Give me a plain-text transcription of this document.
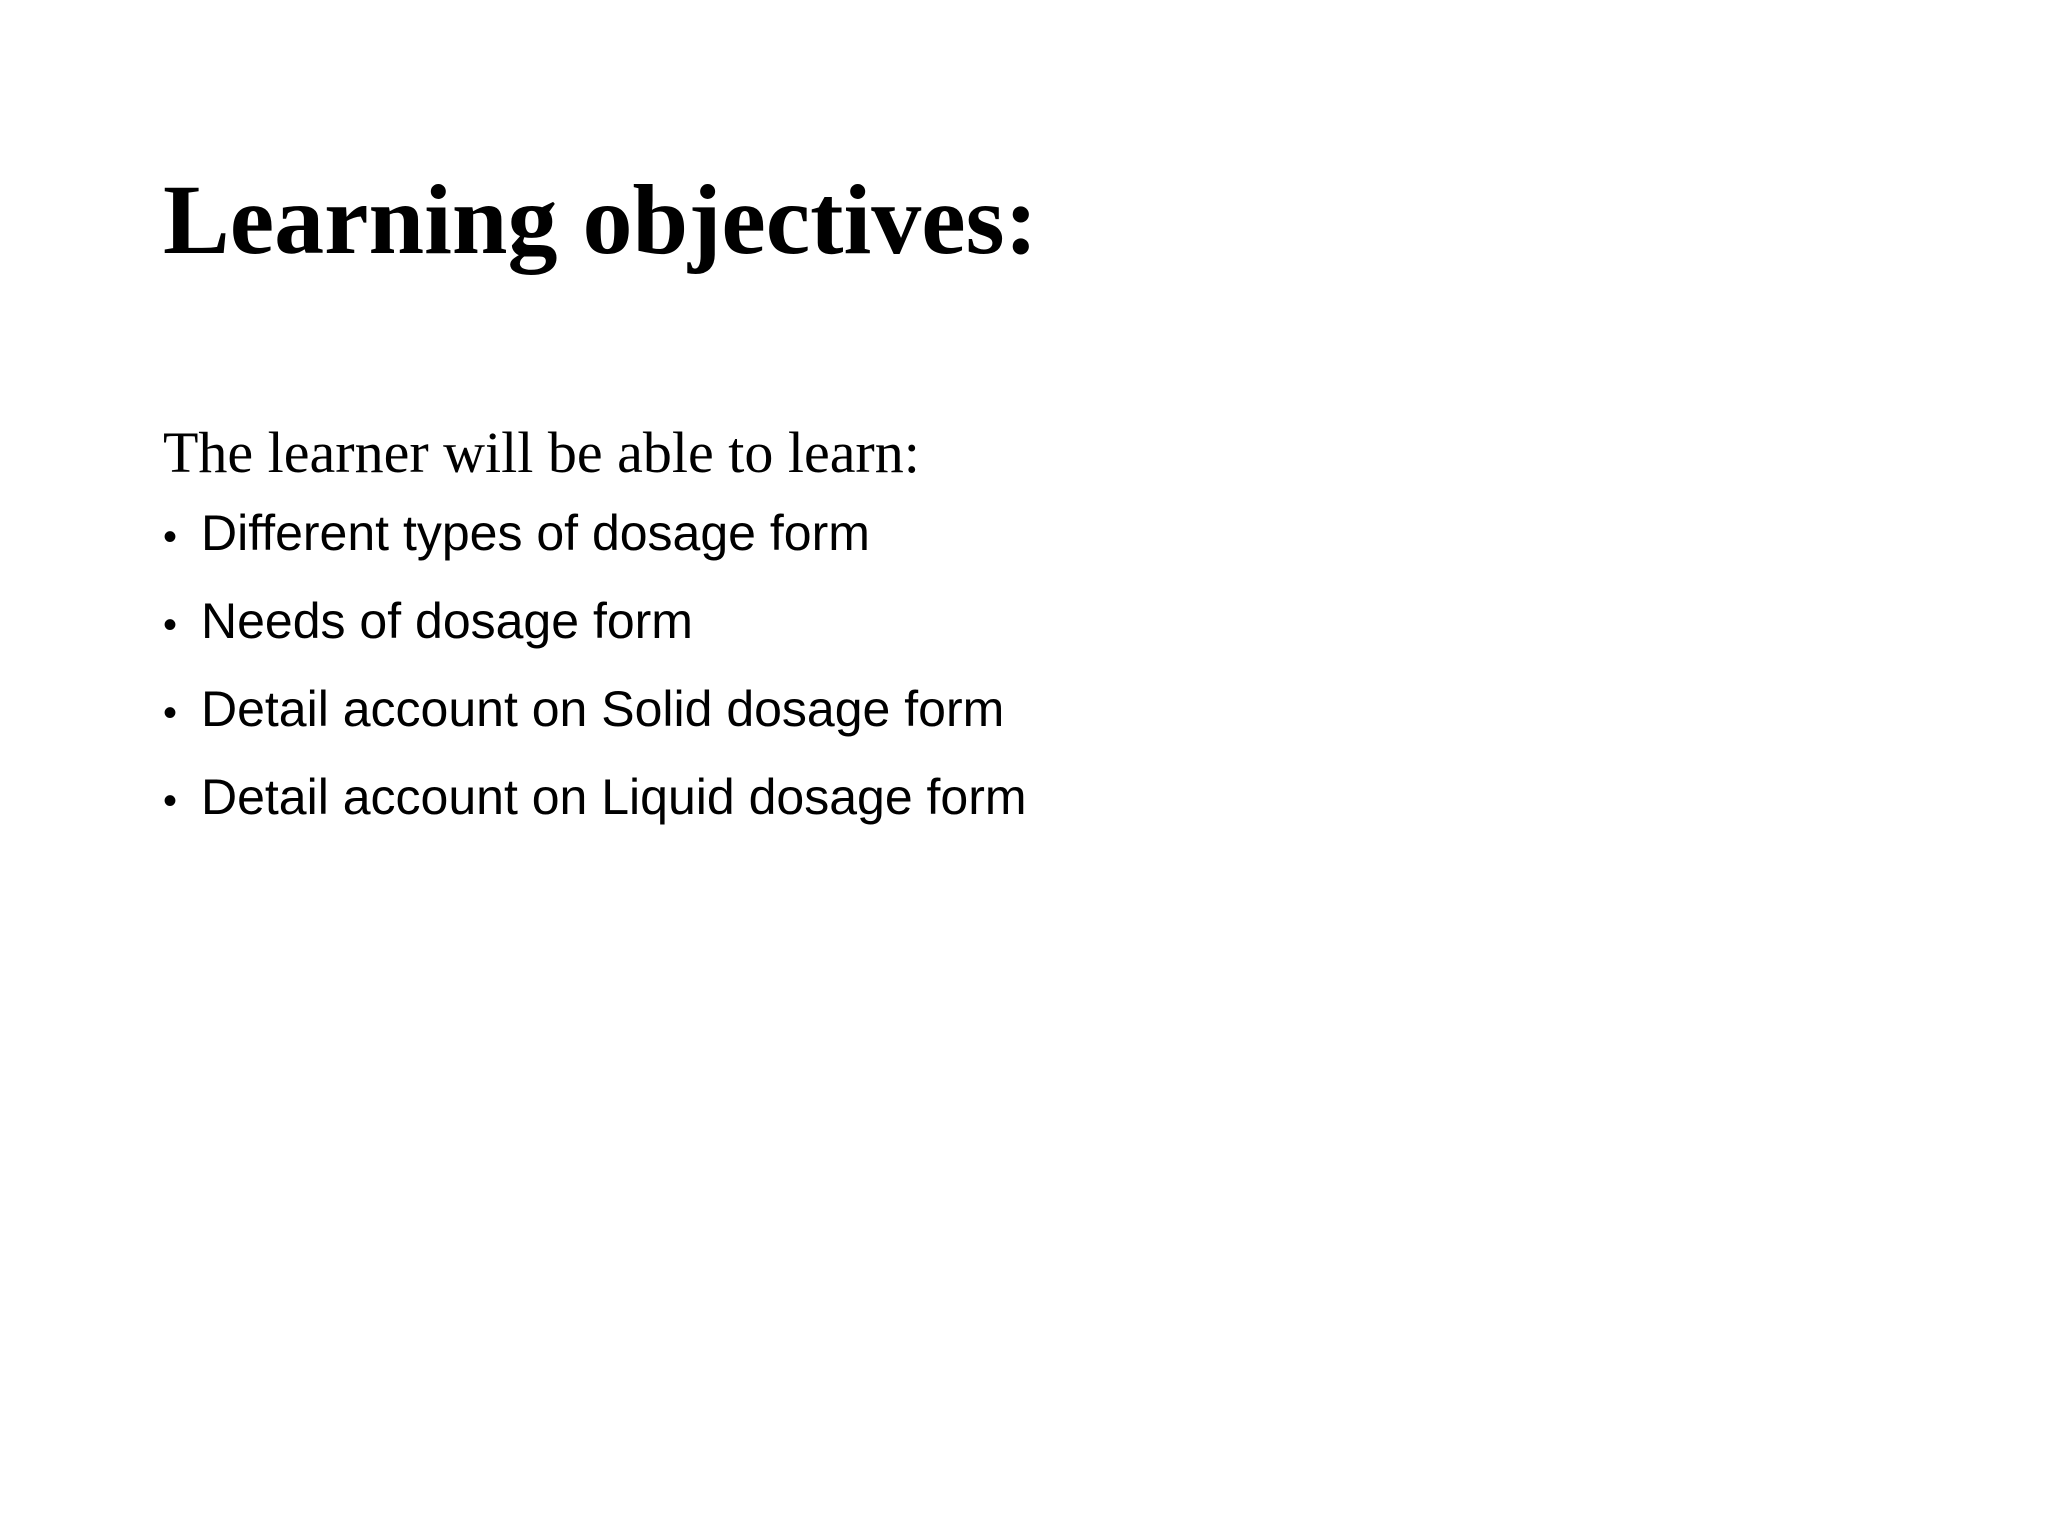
Learning objectives:

The learner will be able to learn:

• Different types of dosage form
• Needs of dosage form
• Detail account on Solid dosage form
• Detail account on Liquid dosage form
